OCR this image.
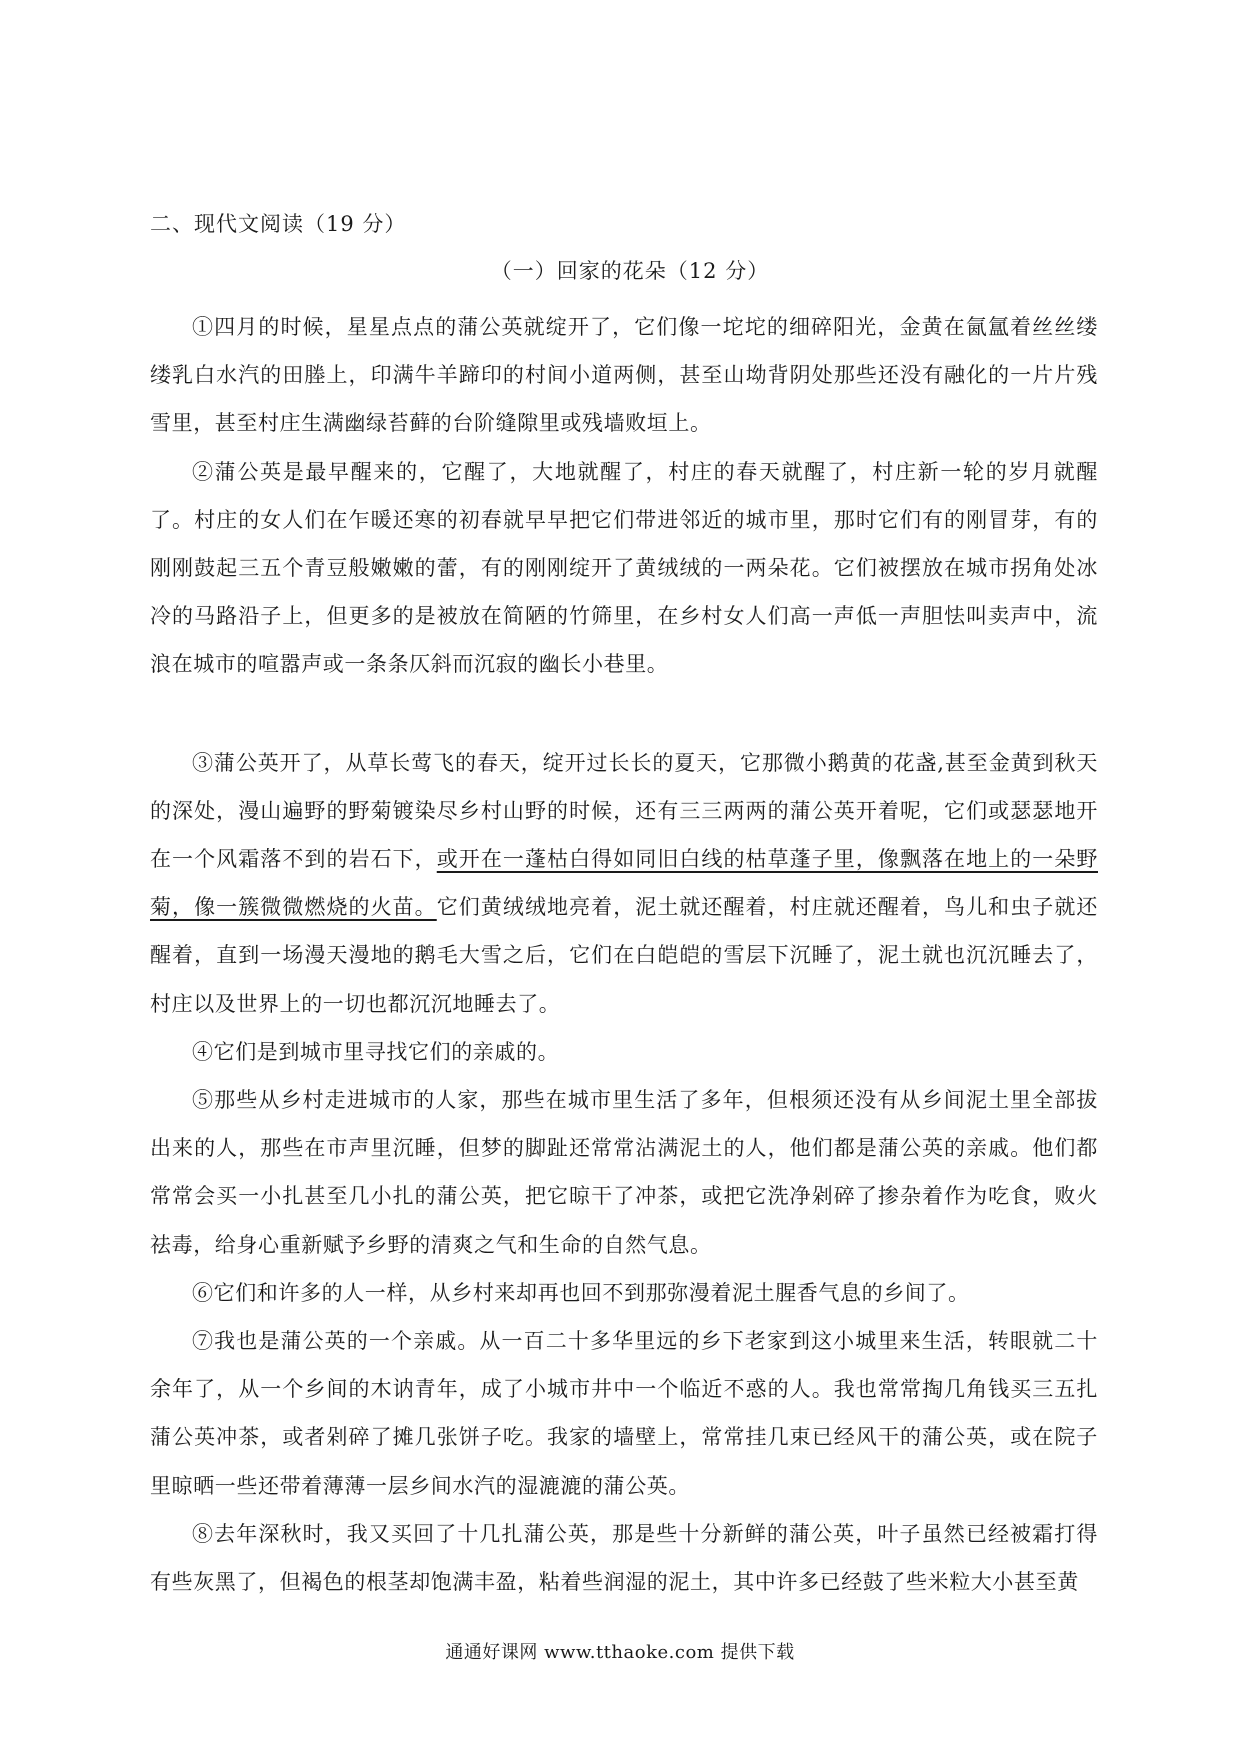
二、现代文阅读（19 分）
（一）回家的花朵（12 分）

①四月的时候，星星点点的蒲公英就绽开了，它们像一坨坨的细碎阳光，金黄在氤氲着丝丝缕缕乳白水汽的田塍上，印满牛羊蹄印的村间小道两侧，甚至山坳背阴处那些还没有融化的一片片残雪里，甚至村庄生满幽绿苔藓的台阶缝隙里或残墙败垣上。

②蒲公英是最早醒来的，它醒了，大地就醒了，村庄的春天就醒了，村庄新一轮的岁月就醒了。村庄的女人们在乍暖还寒的初春就早早把它们带进邻近的城市里，那时它们有的刚冒芽，有的刚刚鼓起三五个青豆般嫩嫩的蕾，有的刚刚绽开了黄绒绒的一两朵花。它们被摆放在城市拐角处冰冷的马路沿子上，但更多的是被放在简陋的竹筛里，在乡村女人们高一声低一声胆怯叫卖声中，流浪在城市的喧嚣声或一条条仄斜而沉寂的幽长小巷里。

③蒲公英开了，从草长莺飞的春天，绽开过长长的夏天，它那微小鹅黄的花盏,甚至金黄到秋天的深处，漫山遍野的野菊镀染尽乡村山野的时候，还有三三两两的蒲公英开着呢，它们或瑟瑟地开在一个风霜落不到的岩石下，或开在一蓬枯白得如同旧白线的枯草蓬子里，像飘落在地上的一朵野菊，像一簇微微燃烧的火苗。它们黄绒绒地亮着，泥土就还醒着，村庄就还醒着，鸟儿和虫子就还醒着，直到一场漫天漫地的鹅毛大雪之后，它们在白皑皑的雪层下沉睡了，泥土就也沉沉睡去了，村庄以及世界上的一切也都沉沉地睡去了。

④它们是到城市里寻找它们的亲戚的。

⑤那些从乡村走进城市的人家，那些在城市里生活了多年，但根须还没有从乡间泥土里全部拔出来的人，那些在市声里沉睡，但梦的脚趾还常常沾满泥土的人，他们都是蒲公英的亲戚。他们都常常会买一小扎甚至几小扎的蒲公英，把它晾干了冲茶，或把它洗净剁碎了掺杂着作为吃食，败火祛毒，给身心重新赋予乡野的清爽之气和生命的自然气息。

⑥它们和许多的人一样，从乡村来却再也回不到那弥漫着泥土腥香气息的乡间了。

⑦我也是蒲公英的一个亲戚。从一百二十多华里远的乡下老家到这小城里来生活，转眼就二十余年了，从一个乡间的木讷青年，成了小城市井中一个临近不惑的人。我也常常掏几角钱买三五扎蒲公英冲茶，或者剁碎了摊几张饼子吃。我家的墙壁上，常常挂几束已经风干的蒲公英，或在院子里晾晒一些还带着薄薄一层乡间水汽的湿漉漉的蒲公英。

⑧去年深秋时，我又买回了十几扎蒲公英，那是些十分新鲜的蒲公英，叶子虽然已经被霜打得有些灰黑了，但褐色的根茎却饱满丰盈，粘着些润湿的泥土，其中许多已经鼓了些米粒大小甚至黄

通通好课网 www.tthaoke.com 提供下载
